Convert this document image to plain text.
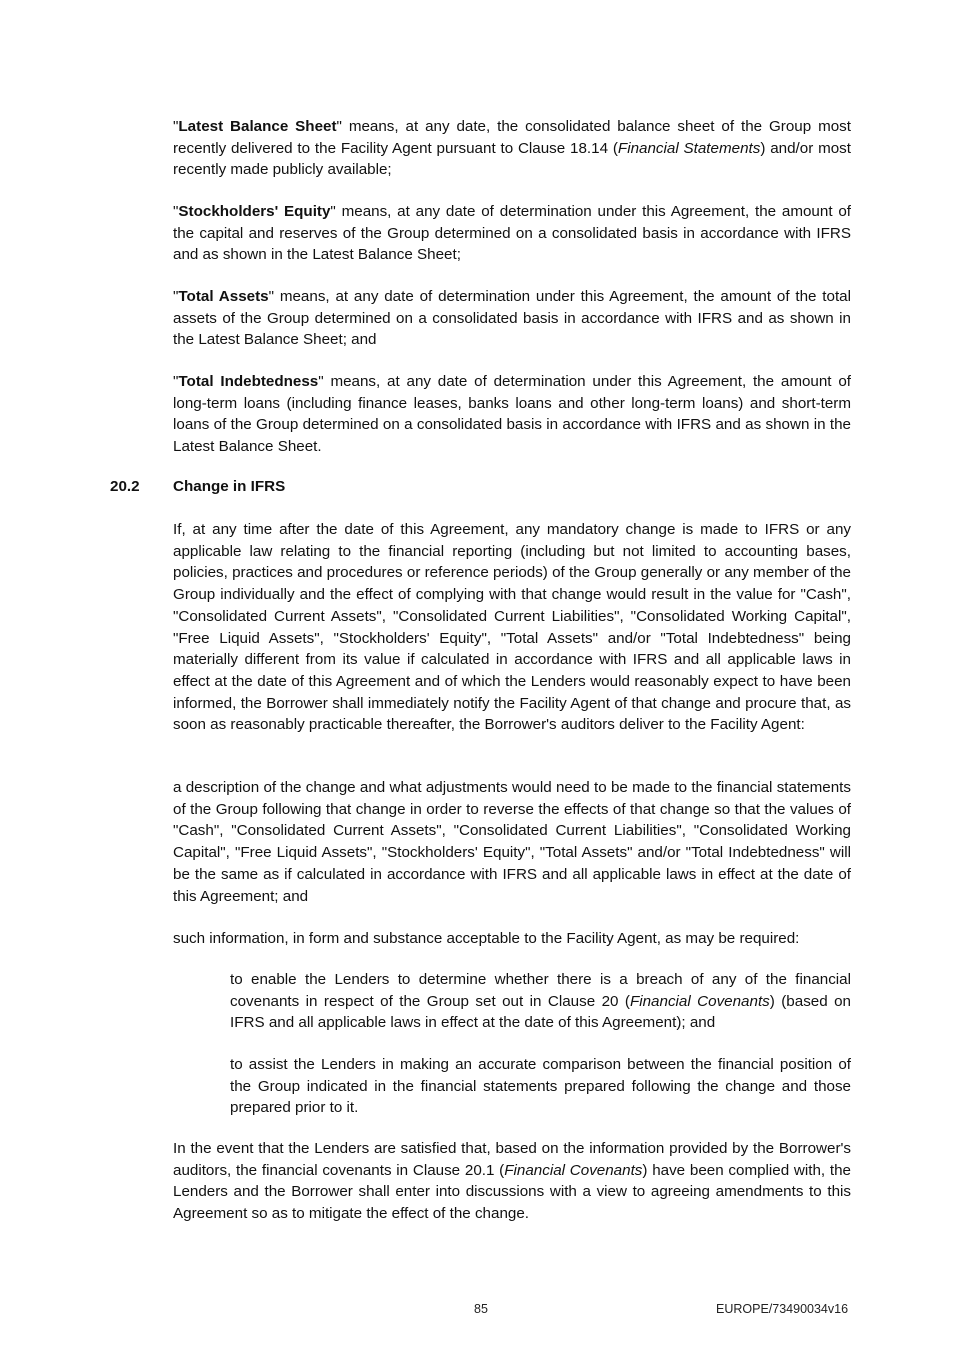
"Latest Balance Sheet" means, at any date, the consolidated balance sheet of the Group most recently delivered to the Facility Agent pursuant to Clause 18.14 (Financial Statements) and/or most recently made publicly available;
"Stockholders' Equity" means, at any date of determination under this Agreement, the amount of the capital and reserves of the Group determined on a consolidated basis in accordance with IFRS and as shown in the Latest Balance Sheet;
"Total Assets" means, at any date of determination under this Agreement, the amount of the total assets of the Group determined on a consolidated basis in accordance with IFRS and as shown in the Latest Balance Sheet; and
"Total Indebtedness" means, at any date of determination under this Agreement, the amount of long-term loans (including finance leases, banks loans and other long-term loans) and short-term loans of the Group determined on a consolidated basis in accordance with IFRS and as shown in the Latest Balance Sheet.
20.2 Change in IFRS
If, at any time after the date of this Agreement, any mandatory change is made to IFRS or any applicable law relating to the financial reporting (including but not limited to accounting bases, policies, practices and procedures or reference periods) of the Group generally or any member of the Group individually and the effect of complying with that change would result in the value for "Cash", "Consolidated Current Assets", "Consolidated Current Liabilities", "Consolidated Working Capital", "Free Liquid Assets", "Stockholders' Equity", "Total Assets" and/or "Total Indebtedness" being materially different from its value if calculated in accordance with IFRS and all applicable laws in effect at the date of this Agreement and of which the Lenders would reasonably expect to have been informed, the Borrower shall immediately notify the Facility Agent of that change and procure that, as soon as reasonably practicable thereafter, the Borrower's auditors deliver to the Facility Agent:
a description of the change and what adjustments would need to be made to the financial statements of the Group following that change in order to reverse the effects of that change so that the values of "Cash", "Consolidated Current Assets", "Consolidated Current Liabilities", "Consolidated Working Capital", "Free Liquid Assets", "Stockholders' Equity", "Total Assets" and/or "Total Indebtedness" will be the same as if calculated in accordance with IFRS and all applicable laws in effect at the date of this Agreement; and
such information, in form and substance acceptable to the Facility Agent, as may be required:
to enable the Lenders to determine whether there is a breach of any of the financial covenants in respect of the Group set out in Clause 20 (Financial Covenants) (based on IFRS and all applicable laws in effect at the date of this Agreement); and
to assist the Lenders in making an accurate comparison between the financial position of the Group indicated in the financial statements prepared following the change and those prepared prior to it.
In the event that the Lenders are satisfied that, based on the information provided by the Borrower's auditors, the financial covenants in Clause 20.1 (Financial Covenants) have been complied with, the Lenders and the Borrower shall enter into discussions with a view to agreeing amendments to this Agreement so as to mitigate the effect of the change.
85	EUROPE/73490034v16
